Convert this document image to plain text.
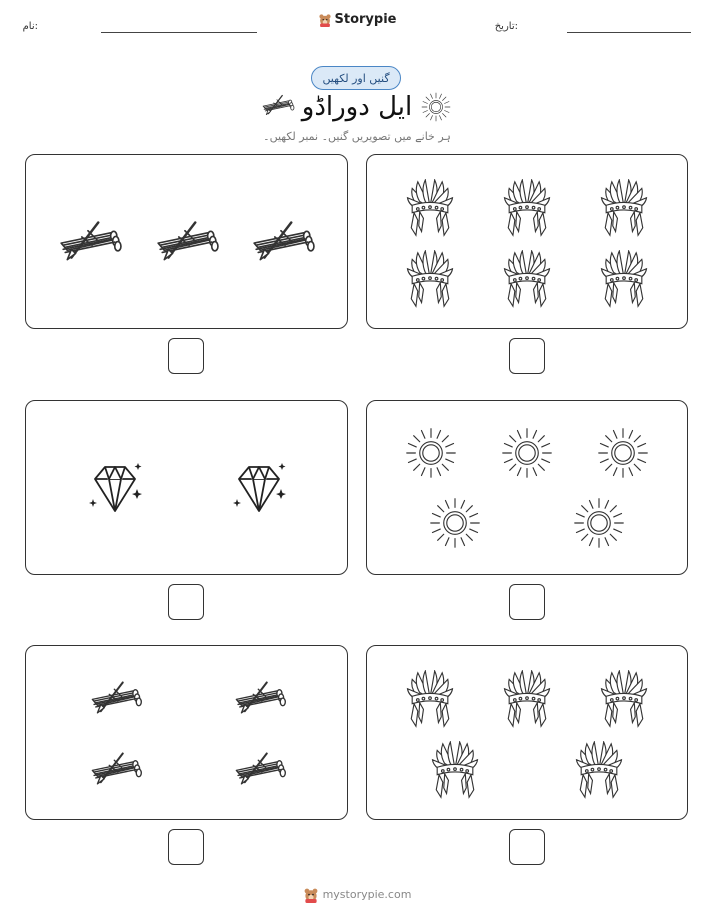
نام:	Storypie	تاریخ:
گنیں اور لکھیں
ایل دوراڈو
ہر خانے میں تصویریں گنیں۔ نمبر لکھیں۔
mystorypie.com
